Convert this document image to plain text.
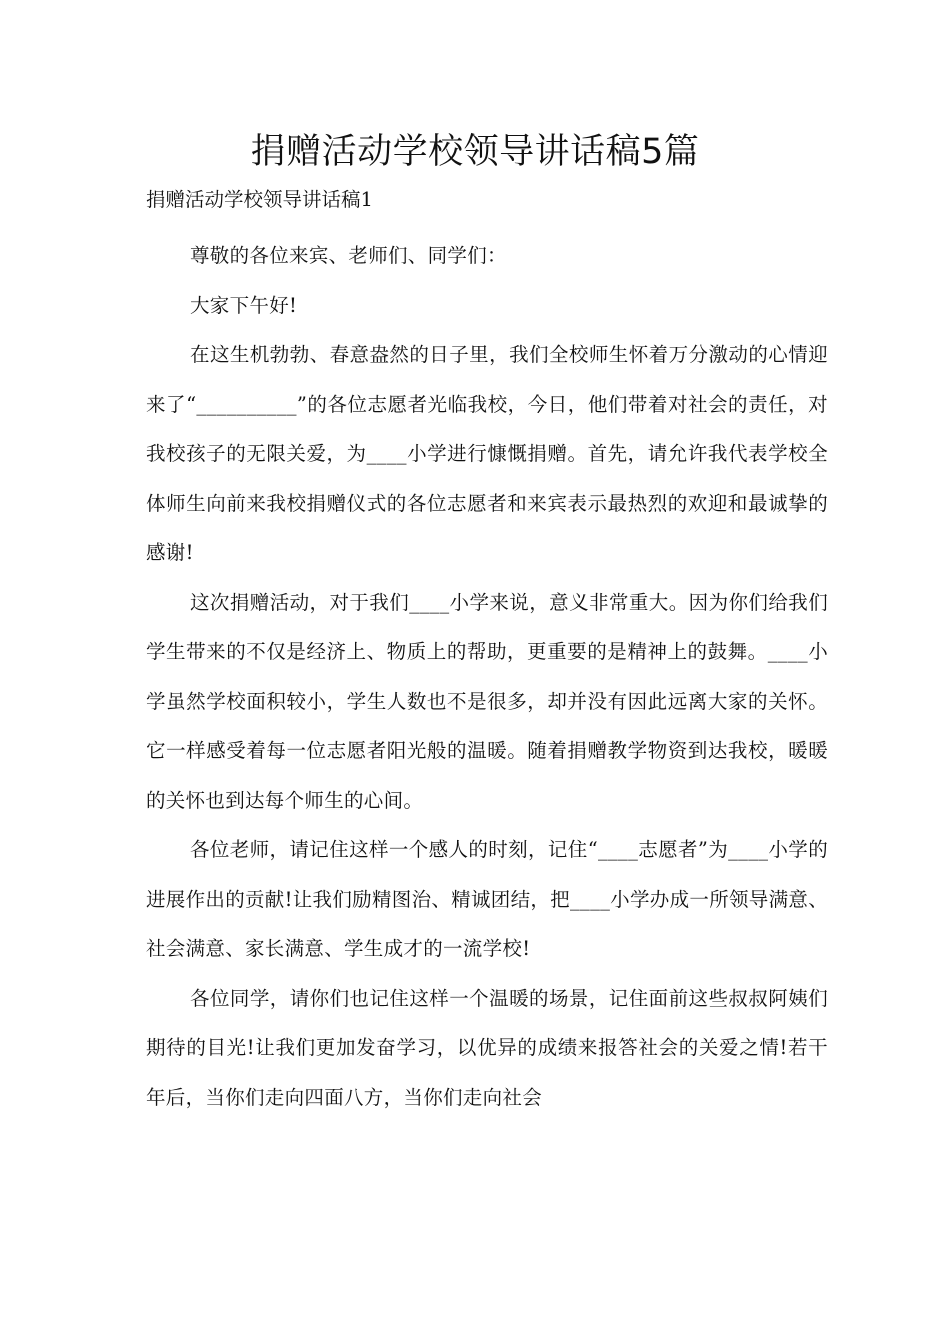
捐赠活动学校领导讲话稿5篇

捐赠活动学校领导讲话稿1

尊敬的各位来宾、老师们、同学们：

大家下午好!

在这生机勃勃、春意盎然的日子里，我们全校师生怀着万分激动的心情迎来了“__________”的各位志愿者光临我校，今日，他们带着对社会的责任，对我校孩子的无限关爱，为____小学进行慷慨捐赠。首先，请允许我代表学校全体师生向前来我校捐赠仪式的各位志愿者和来宾表示最热烈的欢迎和最诚挚的感谢!

这次捐赠活动，对于我们____小学来说，意义非常重大。因为你们给我们学生带来的不仅是经济上、物质上的帮助，更重要的是精神上的鼓舞。____小学虽然学校面积较小，学生人数也不是很多，却并没有因此远离大家的关怀。它一样感受着每一位志愿者阳光般的温暖。随着捐赠教学物资到达我校，暖暖的关怀也到达每个师生的心间。

各位老师，请记住这样一个感人的时刻，记住“____志愿者”为____小学的进展作出的贡献!让我们励精图治、精诚团结，把____小学办成一所领导满意、社会满意、家长满意、学生成才的一流学校!

各位同学，请你们也记住这样一个温暖的场景，记住面前这些叔叔阿姨们期待的目光!让我们更加发奋学习，以优异的成绩来报答社会的关爱之情!若干年后，当你们走向四面八方，当你们走向社会
